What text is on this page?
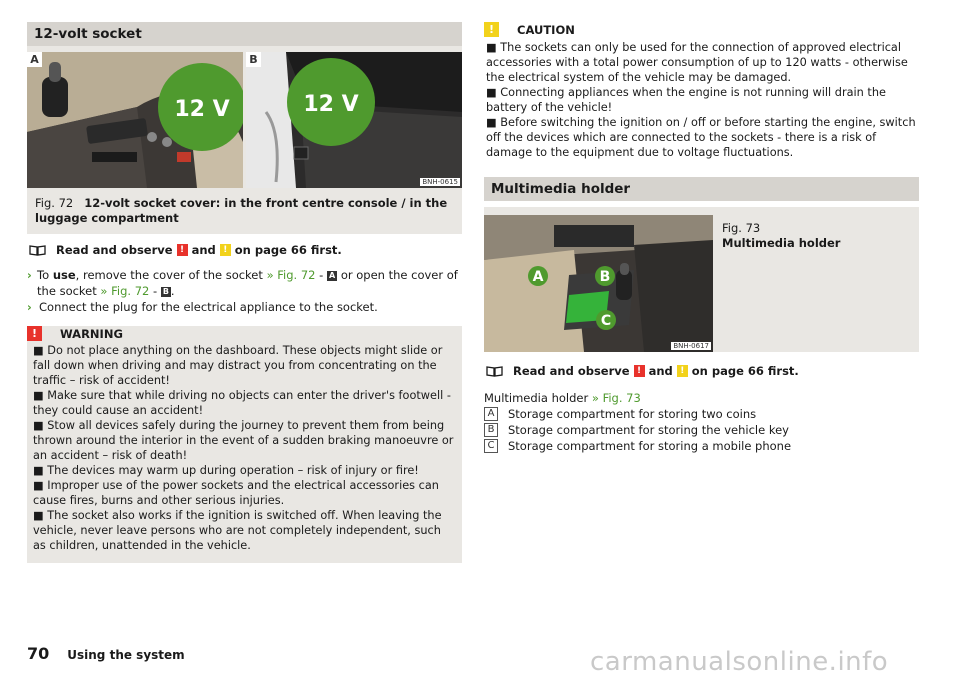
12-volt socket
12 V
A
12 V
B
BNH-0615
Fig. 72 12-volt socket cover: in the front centre console / in the luggage compartment
Read and observe ! and ! on page 66 first.
› To use, remove the cover of the socket » Fig. 72 - A or open the cover of the socket » Fig. 72 - B .
› Connect the plug for the electrical appliance to the socket.
!	WARNING
■ Do not place anything on the dashboard. These objects might slide or fall down when driving and may distract you from concentrating on the traffic – risk of accident!
■ Make sure that while driving no objects can enter the driver's footwell - they could cause an accident!
■ Stow all devices safely during the journey to prevent them from being thrown around the interior in the event of a sudden braking manoeuvre or an accident – risk of death!
■ The devices may warm up during operation – risk of injury or fire!
■ Improper use of the power sockets and the electrical accessories can cause fires, burns and other serious injuries.
■ The socket also works if the ignition is switched off. When leaving the vehicle, never leave persons who are not completely independent, such as children, unattended in the vehicle.
!	CAUTION
■ The sockets can only be used for the connection of approved electrical accessories with a total power consumption of up to 120 watts - otherwise the electrical system of the vehicle may be damaged.
■ Connecting appliances when the engine is not running will drain the battery of the vehicle!
■ Before switching the ignition on / off or before starting the engine, switch off the devices which are connected to the sockets - there is a risk of damage to the equipment due to voltage fluctuations.
Multimedia holder
A	B
C
BNH-0617
Fig. 73
Multimedia holder
Read and observe ! and ! on page 66 first.
Multimedia holder » Fig. 73
A	Storage compartment for storing two coins
B	Storage compartment for storing the vehicle key
C	Storage compartment for storing a mobile phone
70 Using the system	carmanualsonline.info
